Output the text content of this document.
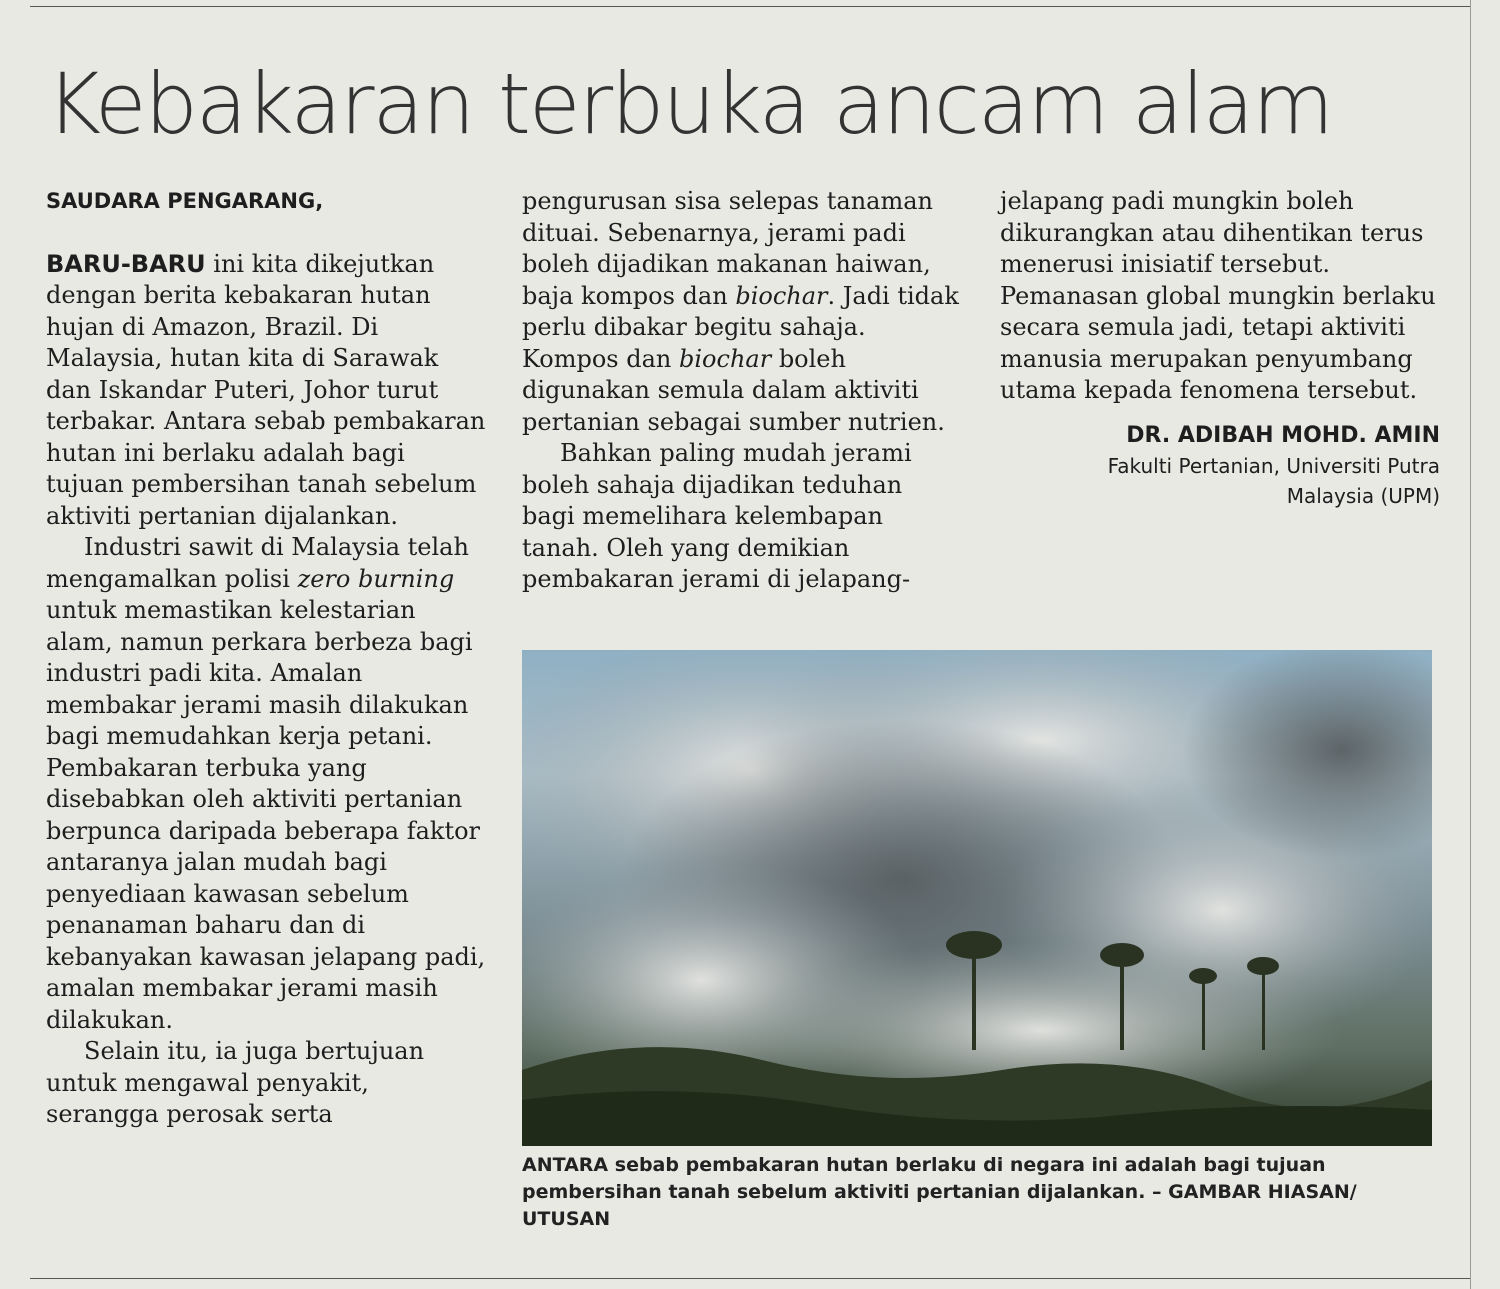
Kebakaran terbuka ancam alam
SAUDARA PENGARANG,

BARU-BARU ini kita dikejutkan dengan berita kebakaran hutan hujan di Amazon, Brazil. Di Malaysia, hutan kita di Sarawak dan Iskandar Puteri, Johor turut terbakar. Antara sebab pembakaran hutan ini berlaku adalah bagi tujuan pembersihan tanah sebelum aktiviti pertanian dijalankan.

Industri sawit di Malaysia telah mengamalkan polisi zero burning untuk memastikan kelestarian alam, namun perkara berbeza bagi industri padi kita. Amalan membakar jerami masih dilakukan bagi memudahkan kerja petani. Pembakaran terbuka yang disebabkan oleh aktiviti pertanian berpunca daripada beberapa faktor antaranya jalan mudah bagi penyediaan kawasan sebelum penanaman baharu dan di kebanyakan kawasan jelapang padi, amalan membakar jerami masih dilakukan.

Selain itu, ia juga bertujuan untuk mengawal penyakit, serangga perosak serta

pengurusan sisa selepas tanaman dituai. Sebenarnya, jerami padi boleh dijadikan makanan haiwan, baja kompos dan biochar. Jadi tidak perlu dibakar begitu sahaja. Kompos dan biochar boleh digunakan semula dalam aktiviti pertanian sebagai sumber nutrien.

Bahkan paling mudah jerami boleh sahaja dijadikan teduhan bagi memelihara kelembapan tanah. Oleh yang demikian pembakaran jerami di jelapang-

jelapang padi mungkin boleh dikurangkan atau dihentikan terus menerusi inisiatif tersebut. Pemanasan global mungkin berlaku secara semula jadi, tetapi aktiviti manusia merupakan penyumbang utama kepada fenomena tersebut.

DR. ADIBAH MOHD. AMIN
Fakulti Pertanian, Universiti Putra Malaysia (UPM)
ANTARA sebab pembakaran hutan berlaku di negara ini adalah bagi tujuan pembersihan tanah sebelum aktiviti pertanian dijalankan. – GAMBAR HIASAN/ UTUSAN
